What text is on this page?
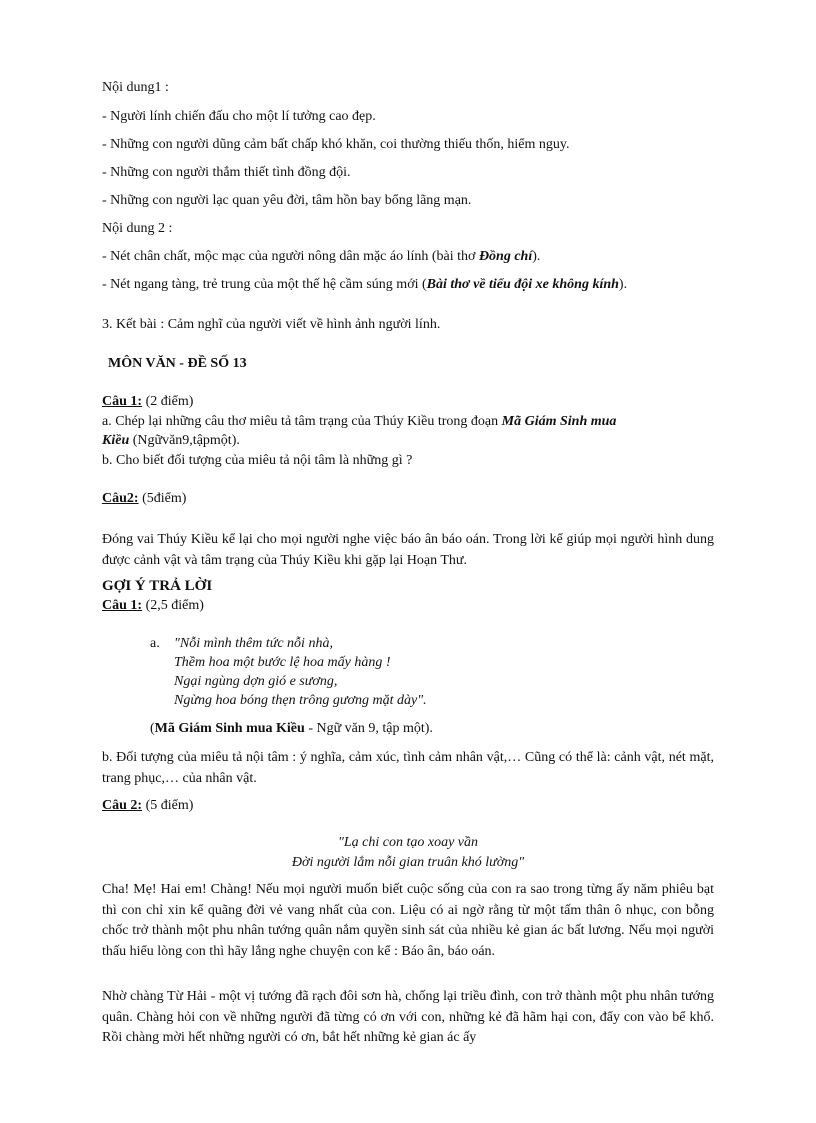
Nội dung1 :
- Người lính chiến đấu cho một lí tưởng cao đẹp.
- Những con người dũng cảm bất chấp khó khăn, coi thường thiếu thốn, hiểm nguy.
- Những con người thắm thiết tình đồng đội.
- Những con người lạc quan yêu đời, tâm hồn bay bổng lãng mạn.
Nội dung 2 :
- Nét chân chất, mộc mạc của người nông dân mặc áo lính (bài thơ Đồng chí).
- Nét ngang tàng, trẻ trung của một thế hệ cầm súng mới (Bài thơ về tiểu đội xe không kính).
3. Kết bài : Cảm nghĩ của người viết về hình ảnh người lính.
MÔN VĂN - ĐỀ SỐ 13
Câu 1: (2 điểm)
a. Chép lại những câu thơ miêu tả tâm trạng của Thúy Kiều trong đoạn Mã Giám Sinh mua
Kiều (Ngữvăn9,tậpmột).
b. Cho biết đối tượng của miêu tả nội tâm là những gì ?
Câu2: (5điểm)
Đóng vai Thúy Kiều kể lại cho mọi người nghe việc báo ân báo oán. Trong lời kể giúp mọi người hình dung được cảnh vật và tâm trạng của Thúy Kiều khi gặp lại Hoạn Thư.
GỢI Ý TRẢ LỜI
Câu 1: (2,5 điểm)
a. "Nỗi mình thêm tức nỗi nhà,
Thềm hoa một bước lệ hoa mấy hàng !
Ngại ngùng dợn gió e sương,
Ngừng hoa bóng thẹn trông gương mặt dày".
(Mã Giám Sinh mua Kiều - Ngữ văn 9, tập một).
b. Đối tượng của miêu tả nội tâm : ý nghĩa, cảm xúc, tình cảm nhân vật,… Cũng có thể là: cảnh vật, nét mặt, trang phục,… của nhân vật.
Câu 2: (5 điểm)
"Lạ chi con tạo xoay vần
Đời người lắm nỗi gian truân khó lường"
Cha! Mẹ! Hai em! Chàng! Nếu mọi người muốn biết cuộc sống của con ra sao trong từng ấy năm phiêu bạt thì con chỉ xin kể quãng đời vẻ vang nhất của con. Liệu có ai ngờ rằng từ một tấm thân ô nhục, con bỗng chốc trở thành một phu nhân tướng quân nắm quyền sinh sát của nhiều kẻ gian ác bất lương. Nếu mọi người thấu hiểu lòng con thì hãy lắng nghe chuyện con kể : Báo ân, báo oán.
Nhờ chàng Từ Hải - một vị tướng đã rạch đôi sơn hà, chống lại triều đình, con trở thành một phu nhân tướng quân. Chàng hỏi con về những người đã từng có ơn với con, những kẻ đã hãm hại con, đẩy con vào bể khổ. Rồi chàng mời hết những người có ơn, bắt hết những kẻ gian ác ấy
